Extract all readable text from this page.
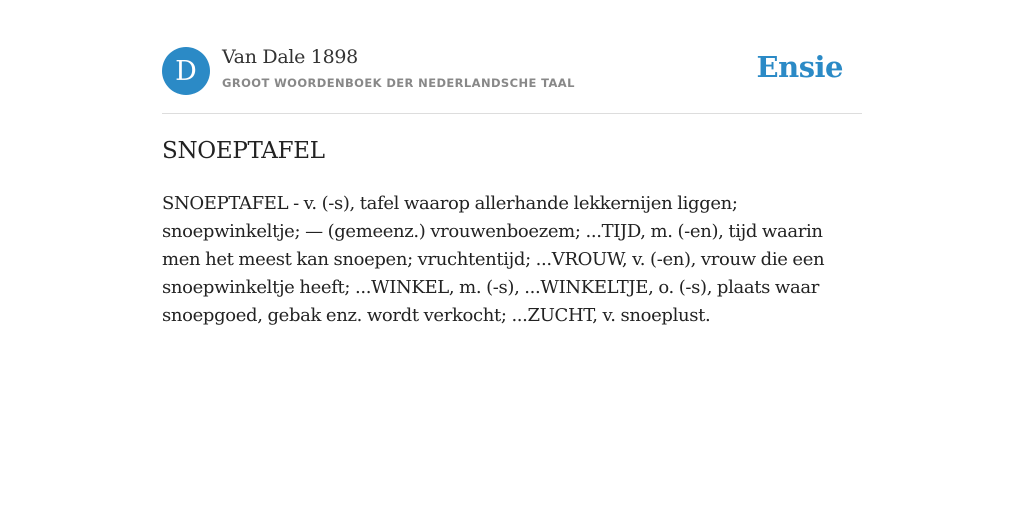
D	Van Dale 1898
GROOT WOORDENBOEK DER NEDERLANDSCHE TAAL	Ensie
SNOEPTAFEL

SNOEPTAFEL - v. (-s), tafel waarop allerhande lekkernijen liggen; snoepwinkeltje; — (gemeenz.) vrouwenboezem; ...TIJD, m. (-en), tijd waarin men het meest kan snoepen; vruchtentijd; ...VROUW, v. (-en), vrouw die een snoepwinkeltje heeft; ...WINKEL, m. (-s), ...WINKELTJE, o. (-s), plaats waar snoepgoed, gebak enz. wordt verkocht; ...ZUCHT, v. snoeplust.
